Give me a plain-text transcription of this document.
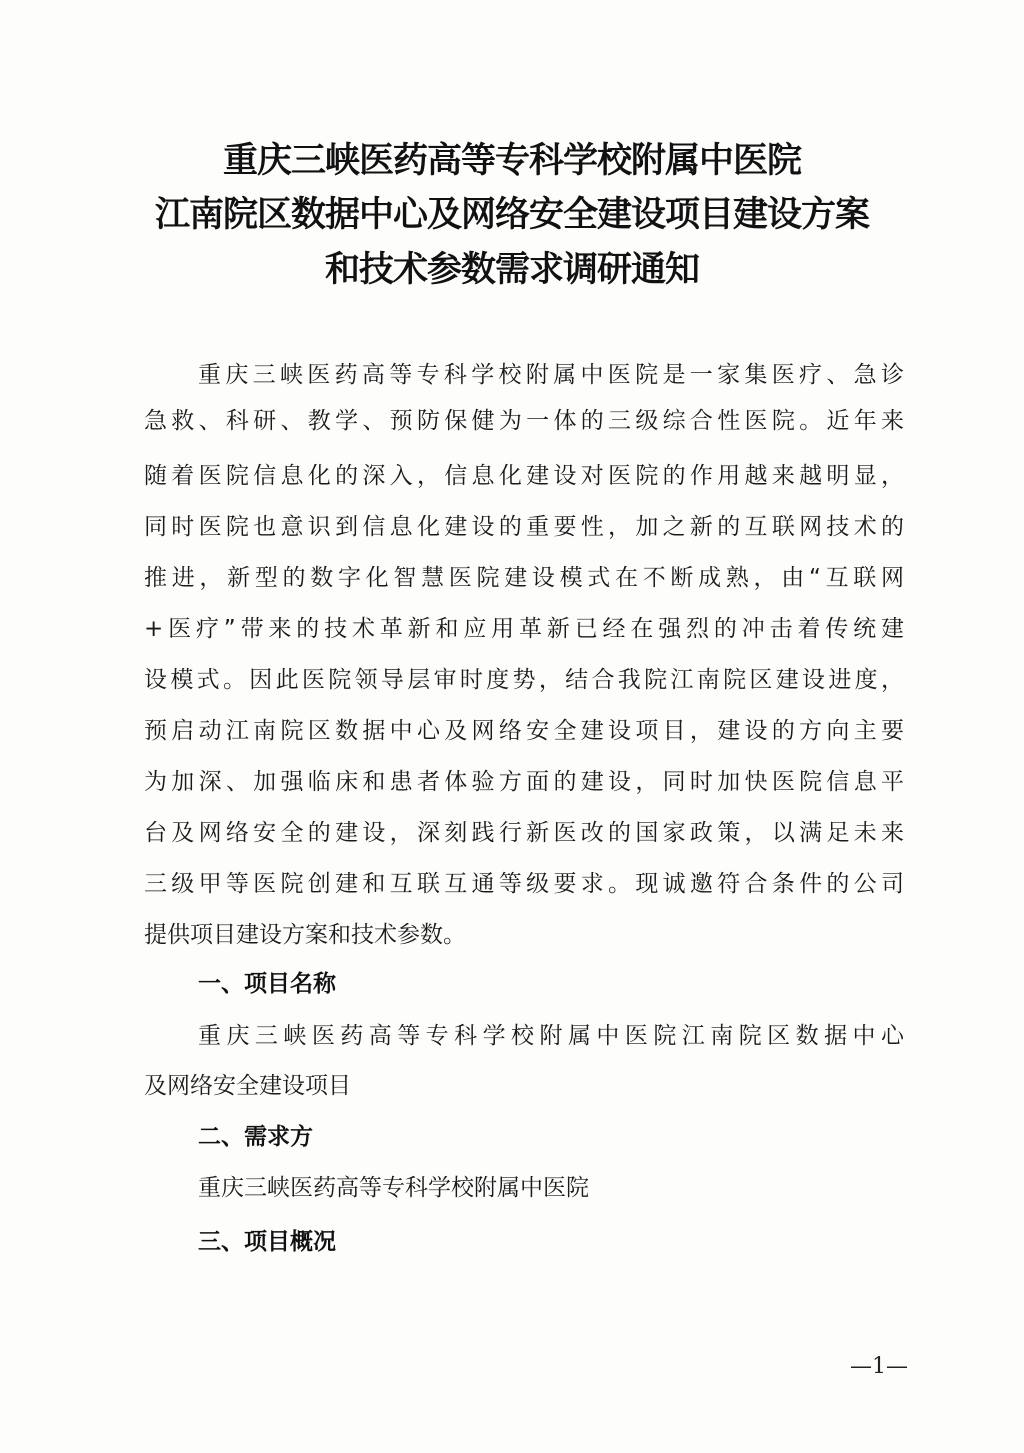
重庆三峡医药高等专科学校附属中医院
江南院区数据中心及网络安全建设项目建设方案
和技术参数需求调研通知
重庆三峡医药高等专科学校附属中医院是一家集医疗、急诊
急救、科研、教学、预防保健为一体的三级综合性医院。近年来
随着医院信息化的深入，信息化建设对医院的作用越来越明显，
同时医院也意识到信息化建设的重要性，加之新的互联网技术的
推进，新型的数字化智慧医院建设模式在不断成熟，由“互联网
+医疗”带来的技术革新和应用革新已经在强烈的冲击着传统建
设模式。因此医院领导层审时度势，结合我院江南院区建设进度，
预启动江南院区数据中心及网络安全建设项目，建设的方向主要
为加深、加强临床和患者体验方面的建设，同时加快医院信息平
台及网络安全的建设，深刻践行新医改的国家政策，以满足未来
三级甲等医院创建和互联互通等级要求。现诚邀符合条件的公司
提供项目建设方案和技术参数。
一、项目名称
重庆三峡医药高等专科学校附属中医院江南院区数据中心
及网络安全建设项目
二、需求方
重庆三峡医药高等专科学校附属中医院
三、项目概况
—1—
